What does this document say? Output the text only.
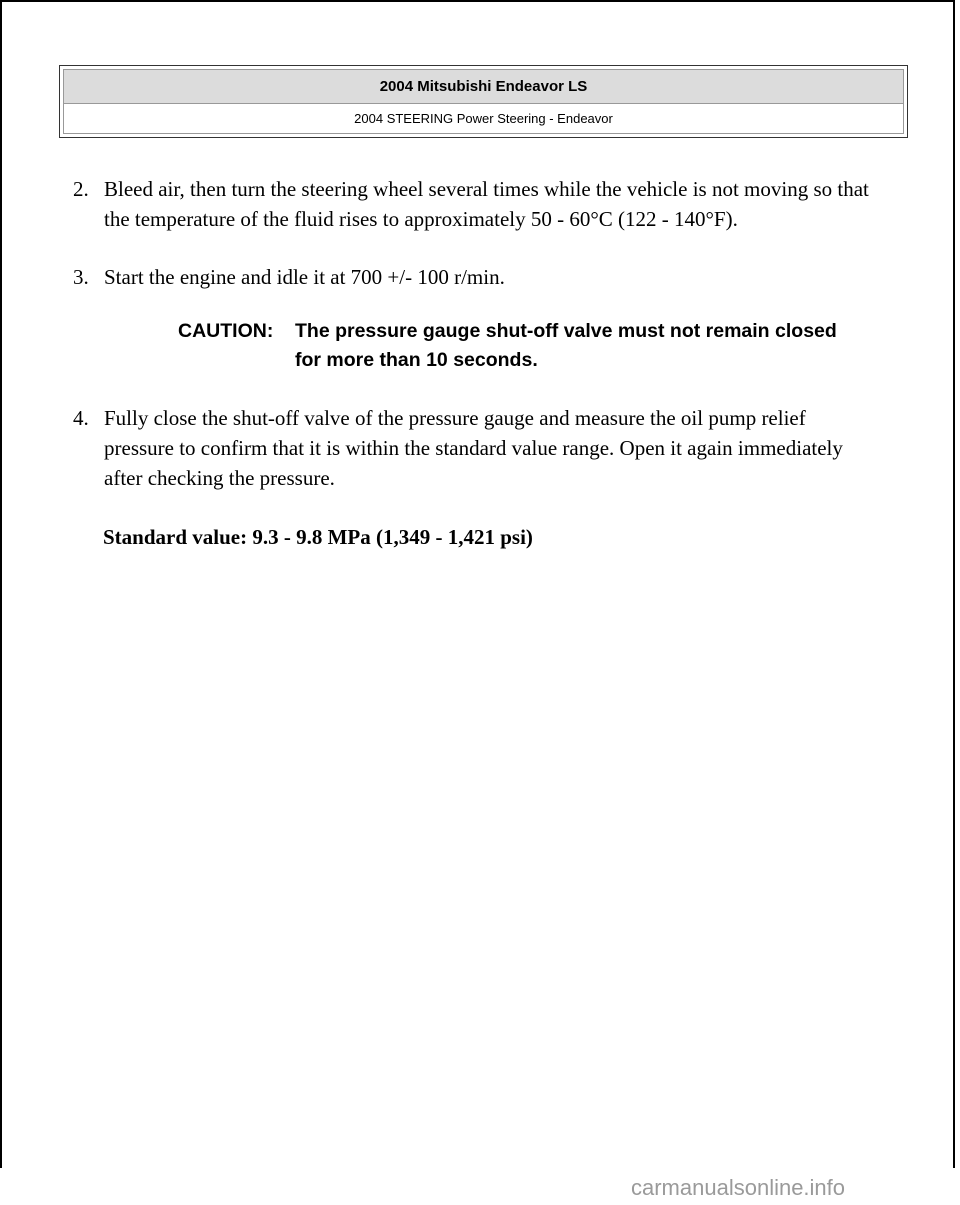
2004 Mitsubishi Endeavor LS
2004 STEERING Power Steering - Endeavor
2. Bleed air, then turn the steering wheel several times while the vehicle is not moving so that the temperature of the fluid rises to approximately 50 - 60°C (122 - 140°F).
3. Start the engine and idle it at 700 +/- 100 r/min.
CAUTION: The pressure gauge shut-off valve must not remain closed for more than 10 seconds.
4. Fully close the shut-off valve of the pressure gauge and measure the oil pump relief pressure to confirm that it is within the standard value range. Open it again immediately after checking the pressure.
Standard value: 9.3 - 9.8 MPa (1,349 - 1,421 psi)
carmanualsonline.info
